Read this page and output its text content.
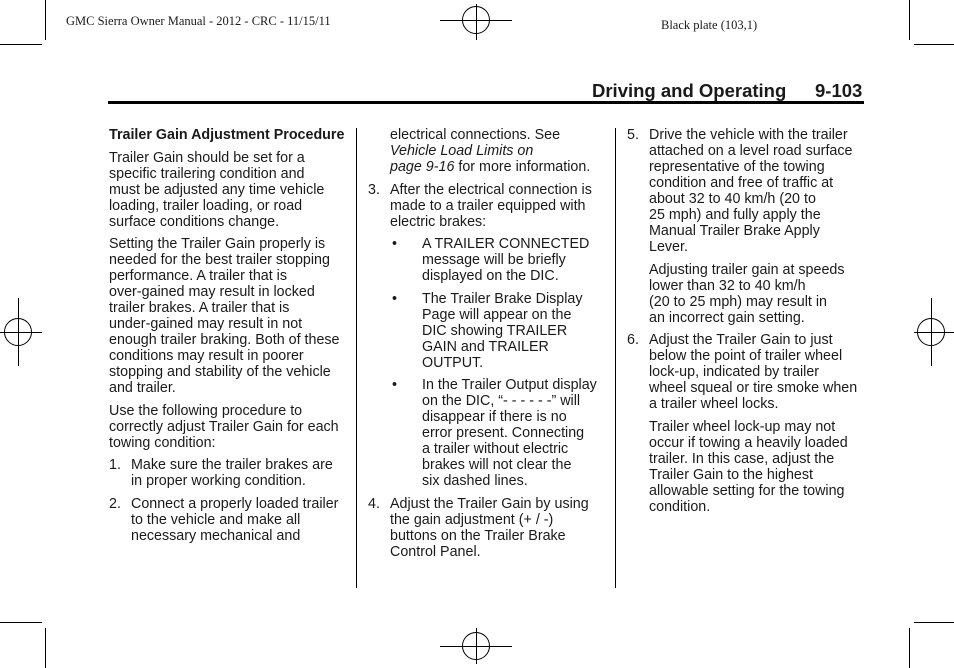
GMC Sierra Owner Manual - 2012 - CRC - 11/15/11	Black plate (103,1)
Driving and Operating 9-103

Trailer Gain Adjustment Procedure

Trailer Gain should be set for a
specific trailering condition and
must be adjusted any time vehicle
loading, trailer loading, or road
surface conditions change.

Setting the Trailer Gain properly is
needed for the best trailer stopping
performance. A trailer that is
over-gained may result in locked
trailer brakes. A trailer that is
under-gained may result in not
enough trailer braking. Both of these
conditions may result in poorer
stopping and stability of the vehicle
and trailer.

Use the following procedure to
correctly adjust Trailer Gain for each
towing condition:

1. Make sure the trailer brakes are
in proper working condition.

2. Connect a properly loaded trailer
to the vehicle and make all
necessary mechanical and

electrical connections. See
Vehicle Load Limits on
page 9-16 for more information.

3. After the electrical connection is
made to a trailer equipped with
electric brakes:

• A TRAILER CONNECTED
message will be briefly
displayed on the DIC.

• The Trailer Brake Display
Page will appear on the
DIC showing TRAILER
GAIN and TRAILER
OUTPUT.

• In the Trailer Output display
on the DIC, “- - - - - -” will
disappear if there is no
error present. Connecting
a trailer without electric
brakes will not clear the
six dashed lines.

4. Adjust the Trailer Gain by using
the gain adjustment (+ / -)
buttons on the Trailer Brake
Control Panel.

5. Drive the vehicle with the trailer
attached on a level road surface
representative of the towing
condition and free of traffic at
about 32 to 40 km/h (20 to
25 mph) and fully apply the
Manual Trailer Brake Apply
Lever.

Adjusting trailer gain at speeds
lower than 32 to 40 km/h
(20 to 25 mph) may result in
an incorrect gain setting.

6. Adjust the Trailer Gain to just
below the point of trailer wheel
lock-up, indicated by trailer
wheel squeal or tire smoke when
a trailer wheel locks.

Trailer wheel lock-up may not
occur if towing a heavily loaded
trailer. In this case, adjust the
Trailer Gain to the highest
allowable setting for the towing
condition.
